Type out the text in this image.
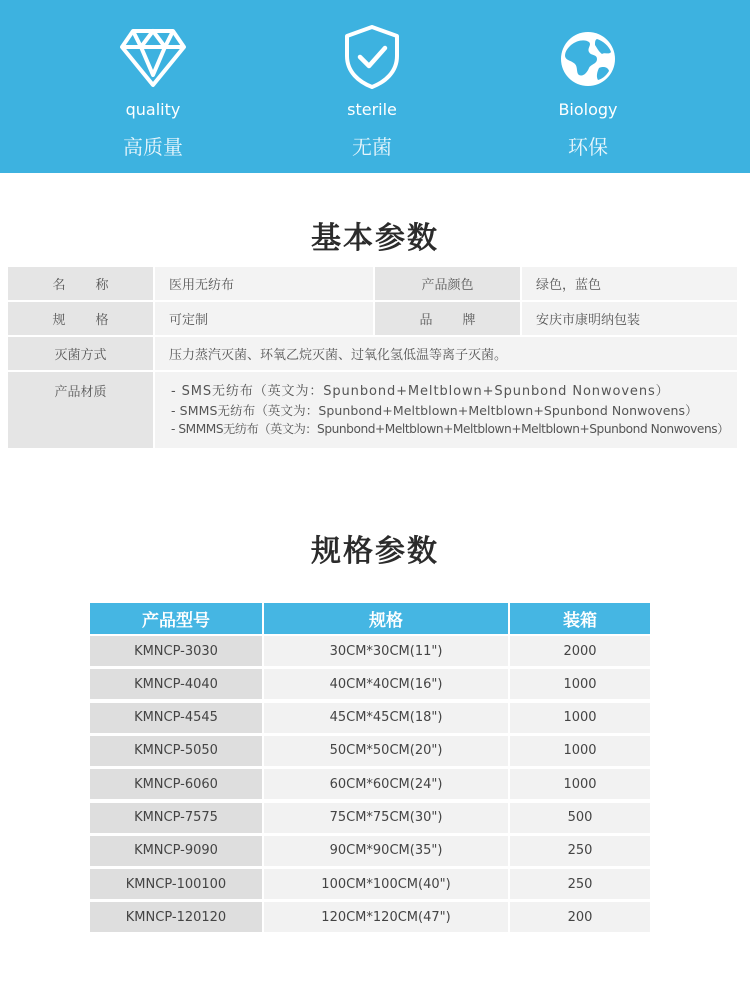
quality
高质量
sterile
无菌
Biology
环保
基本参数
名称	医用无纺布	产品颜色	绿色，蓝色
规格	可定制	品牌	安庆市康明纳包装
灭菌方式	压力蒸汽灭菌、环氧乙烷灭菌、过氧化氢低温等离子灭菌。
产品材质	- SMS无纺布（英文为：Spunbond+Meltblown+Spunbond Nonwovens）
- SMMS无纺布（英文为：Spunbond+Meltblown+Meltblown+Spunbond Nonwovens）
- SMMMS无纺布（英文为：Spunbond+Meltblown+Meltblown+Meltblown+Spunbond Nonwovens）
规格参数
产品型号	规格	装箱
KMNCP-3030	30CM*30CM(11")	2000
KMNCP-4040	40CM*40CM(16")	1000
KMNCP-4545	45CM*45CM(18")	1000
KMNCP-5050	50CM*50CM(20")	1000
KMNCP-6060	60CM*60CM(24")	1000
KMNCP-7575	75CM*75CM(30")	500
KMNCP-9090	90CM*90CM(35")	250
KMNCP-100100	100CM*100CM(40")	250
KMNCP-120120	120CM*120CM(47")	200
